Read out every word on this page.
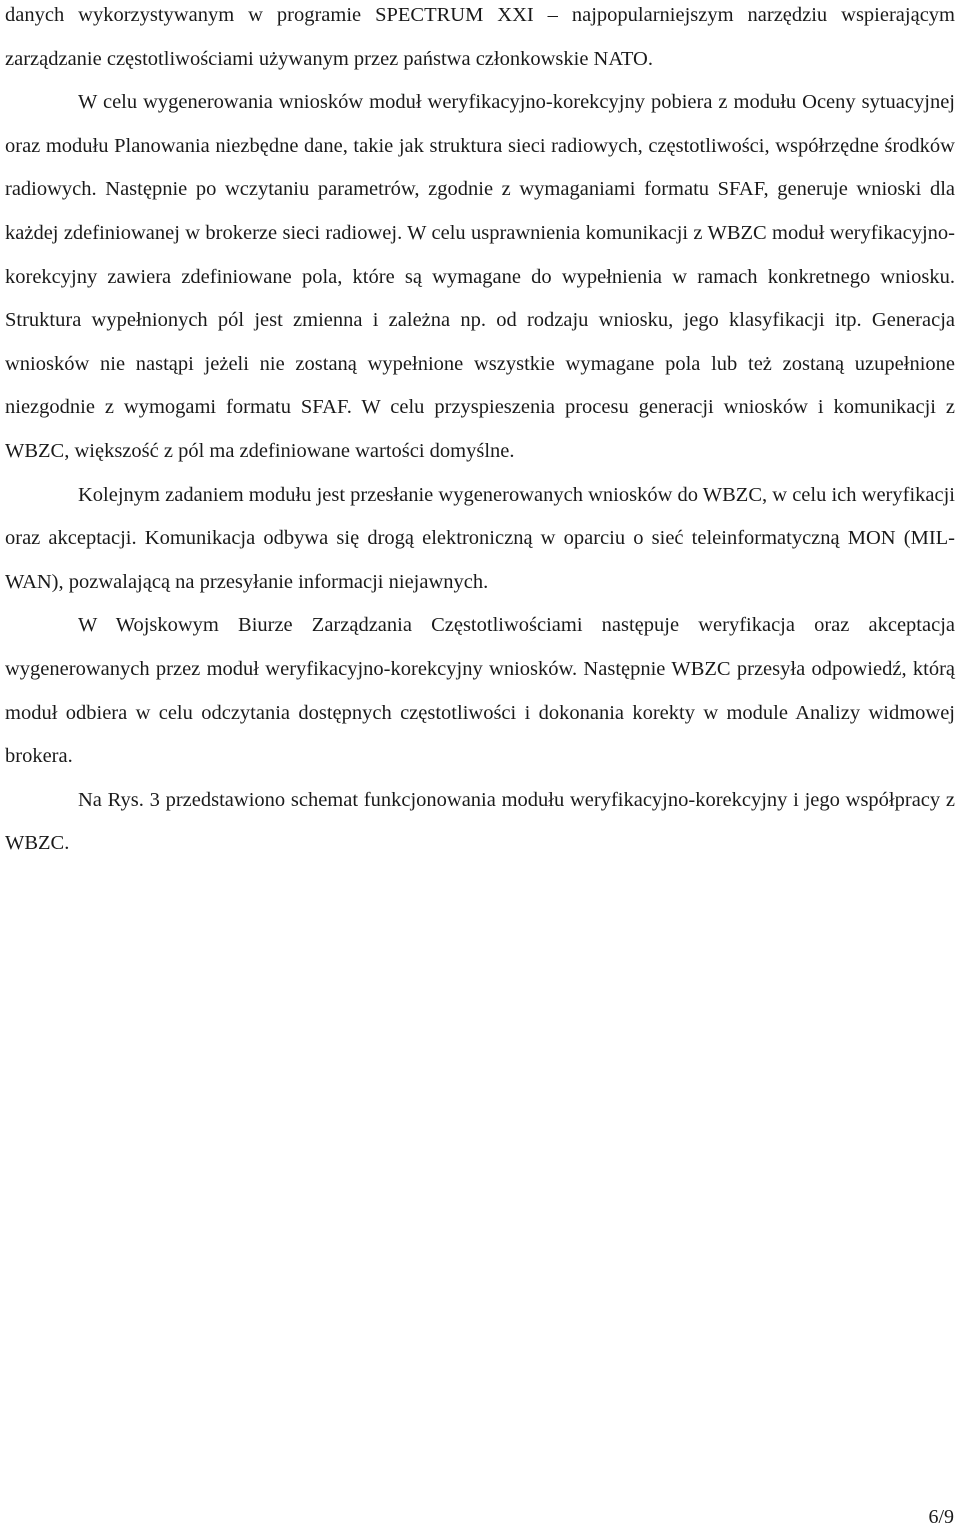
danych wykorzystywanym w programie SPECTRUM XXI – najpopularniejszym narzędziu wspierającym zarządzanie częstotliwościami używanym przez państwa członkowskie NATO.

W celu wygenerowania wniosków moduł weryfikacyjno-korekcyjny pobiera z modułu Oceny sytuacyjnej oraz modułu Planowania niezbędne dane, takie jak struktura sieci radiowych, częstotliwości, współrzędne środków radiowych. Następnie po wczytaniu parametrów, zgodnie z wymaganiami formatu SFAF, generuje wnioski dla każdej zdefiniowanej w brokerze sieci radiowej. W celu usprawnienia komunikacji z WBZC moduł weryfikacyjno-korekcyjny zawiera zdefiniowane pola, które są wymagane do wypełnienia w ramach konkretnego wniosku. Struktura wypełnionych pól jest zmienna i zależna np. od rodzaju wniosku, jego klasyfikacji itp. Generacja wniosków nie nastąpi jeżeli nie zostaną wypełnione wszystkie wymagane pola lub też zostaną uzupełnione niezgodnie z wymogami formatu SFAF. W celu przyspieszenia procesu generacji wniosków i komunikacji z WBZC, większość z pól ma zdefiniowane wartości domyślne.

Kolejnym zadaniem modułu jest przesłanie wygenerowanych wniosków do WBZC, w celu ich weryfikacji oraz akceptacji. Komunikacja odbywa się drogą elektroniczną w oparciu o sieć teleinformatyczną MON (MIL-WAN), pozwalającą na przesyłanie informacji niejawnych.

W Wojskowym Biurze Zarządzania Częstotliwościami następuje weryfikacja oraz akceptacja wygenerowanych przez moduł weryfikacyjno-korekcyjny wniosków. Następnie WBZC przesyła odpowiedź, którą moduł odbiera w celu odczytania dostępnych częstotliwości i dokonania korekty w module Analizy widmowej brokera.

Na Rys. 3 przedstawiono schemat funkcjonowania modułu weryfikacyjno-korekcyjny i jego współpracy z WBZC.

6/9
